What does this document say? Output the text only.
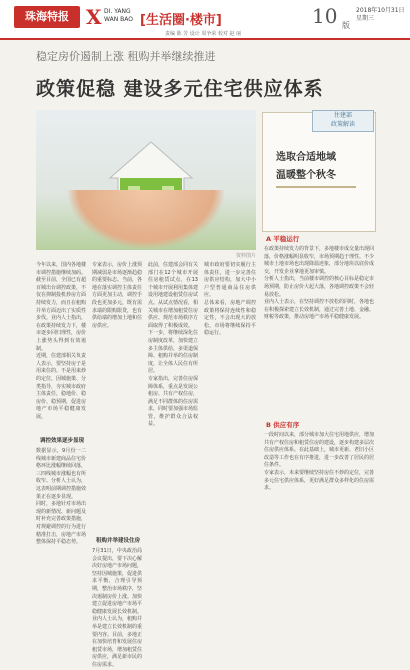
珠海特报 X DI. YANG
WAN BAO [生活圈·楼市]	10 版
2018年10月31日
星期三
责编 陈 芳 设计 周争荣 校对 赵 丽
稳定房价遏制上涨 租购并举继续推进
政策促稳 建设多元住宅供应体系
资料图片
住建部
政策解读
选取合适地域
温暖整个秋冬
今年以来，国内各地楼市调控措施继续加码。截至目前，全国已有超百城出台调控政策，不仅在抑制投机炒房方面持续发力，而且在租购并举方面迈出了实质性步伐。业内人士指出，在政策持续发力下，楼市逐步回归理性，房价上涨势头得到有效遏制。
近期，住建部相关负责人表示，要坚持房子是用来住的、不是用来炒的定位，因城施策、分类指导，夯实城市政府主体责任，稳地价、稳房价、稳预期，促进房地产市场平稳健康发展。
调控效果逐步显现
数据显示，9月份一二线城市新建商品住宅价格环比涨幅继续回落，三四线城市涨幅也有所收窄。分析人士认为，这表明前期调控措施效果正在逐步显现。
同时，多地针对市场出现的新情况、新问题及时补充完善政策措施，对规避调控的行为进行精准打击，房地产市场整体保持平稳态势。
专家表示，房价上涨预期减弱是市场逐渐趋稳的重要标志。当前，各地在落实调控主体责任方面更加主动，调控手段也更加多元，既有需求端的限购限贷，也有供给端的增加土地和住房供应。
租购并举建设住房
7月31日，中央政治局会议提出，要下决心解决好房地产市场问题，坚持因城施策，促进供求平衡，合理引导预期，整治市场秩序，坚决遏制房价上涨。加快建立促进房地产市场平稳健康发展长效机制。
业内人士认为，租购并举是建立长效机制的重要内容。目前，多地正在加快培育和发展住房租赁市场，增加租赁住房供应，满足新市民的住房需求。
此前，住建部会同有关部门在12个城市开展住房租赁试点，在13个城市开展利用集体建设用地建设租赁住房试点。从试点情况看，相关城市在增加租赁住房供应、规范市场秩序方面取得了积极成效。
下一步，将继续深化住房制度改革，加快建立多主体供给、多渠道保障、租购并举的住房制度，让全体人民住有所居。
专家指出，完善住房保障体系，重点是发展公租房、共有产权住房，满足不同群体的住房需求，同时要加强市场监管，维护群众合法权益。
城市政府要切实履行主体责任，进一步完善住房供应结构，加大中小户型普通商品住房供应。
总体来看，房地产调控政策将保持连续性和稳定性，不会出现大的放松，市场将继续保持平稳运行。
A 平稳运行
在政策持续发力的背景下，多地楼市成交量出现回落，价格涨幅明显收窄，市场预期趋于理性。不少城市土地市场也出现降温迹象，部分地块以底价成交，开发企业拿地更加审慎。
分析人士指出，当前楼市调控的核心目标是稳定市场预期，防止房价大起大落，各地调控政策不会轻易放松。
业内人士表示，在坚持调控不放松的同时，各地也在积极探索建立长效机制，通过完善土地、金融、财税等政策，推动房地产市场平稳健康发展。
B 供应有序
一段时间以来，部分城市加大住宅用地供应，增加共有产权住房和租赁住房的建设，逐步构建多层次住房供应体系。在此基础上，城市更新、老旧小区改造等工作也在有序推进，进一步改善了居民的居住条件。
专家表示，未来要继续坚持房住不炒的定位，完善多元住宅供应体系，更好满足群众多样化的住房需求。
